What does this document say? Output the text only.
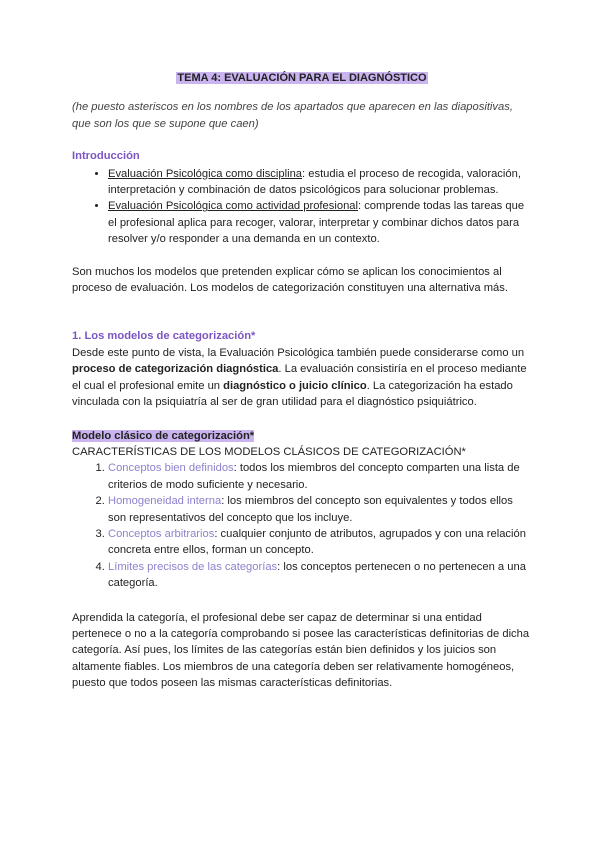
TEMA 4: EVALUACIÓN PARA EL DIAGNÓSTICO

(he puesto asteriscos en los nombres de los apartados que aparecen en las diapositivas, que son los que se supone que caen)

Introducción

• Evaluación Psicológica como disciplina: estudia el proceso de recogida, valoración, interpretación y combinación de datos psicológicos para solucionar problemas.
• Evaluación Psicológica como actividad profesional: comprende todas las tareas que el profesional aplica para recoger, valorar, interpretar y combinar dichos datos para resolver y/o responder a una demanda en un contexto.

Son muchos los modelos que pretenden explicar cómo se aplican los conocimientos al proceso de evaluación. Los modelos de categorización constituyen una alternativa más.

1. Los modelos de categorización*

Desde este punto de vista, la Evaluación Psicológica también puede considerarse como un proceso de categorización diagnóstica. La evaluación consistiría en el proceso mediante el cual el profesional emite un diagnóstico o juicio clínico. La categorización ha estado vinculada con la psiquiatría al ser de gran utilidad para el diagnóstico psiquiátrico.

Modelo clásico de categorización*

CARACTERÍSTICAS DE LOS MODELOS CLÁSICOS DE CATEGORIZACIÓN*

1. Conceptos bien definidos: todos los miembros del concepto comparten una lista de criterios de modo suficiente y necesario.
2. Homogeneidad interna: los miembros del concepto son equivalentes y todos ellos son representativos del concepto que los incluye.
3. Conceptos arbitrarios: cualquier conjunto de atributos, agrupados y con una relación concreta entre ellos, forman un concepto.
4. Límites precisos de las categorías: los conceptos pertenecen o no pertenecen a una categoría.

Aprendida la categoría, el profesional debe ser capaz de determinar si una entidad pertenece o no a la categoría comprobando si posee las características definitorias de dicha categoría. Así pues, los límites de las categorías están bien definidos y los juicios son altamente fiables. Los miembros de una categoría deben ser relativamente homogéneos, puesto que todos poseen las mismas características definitorias.
